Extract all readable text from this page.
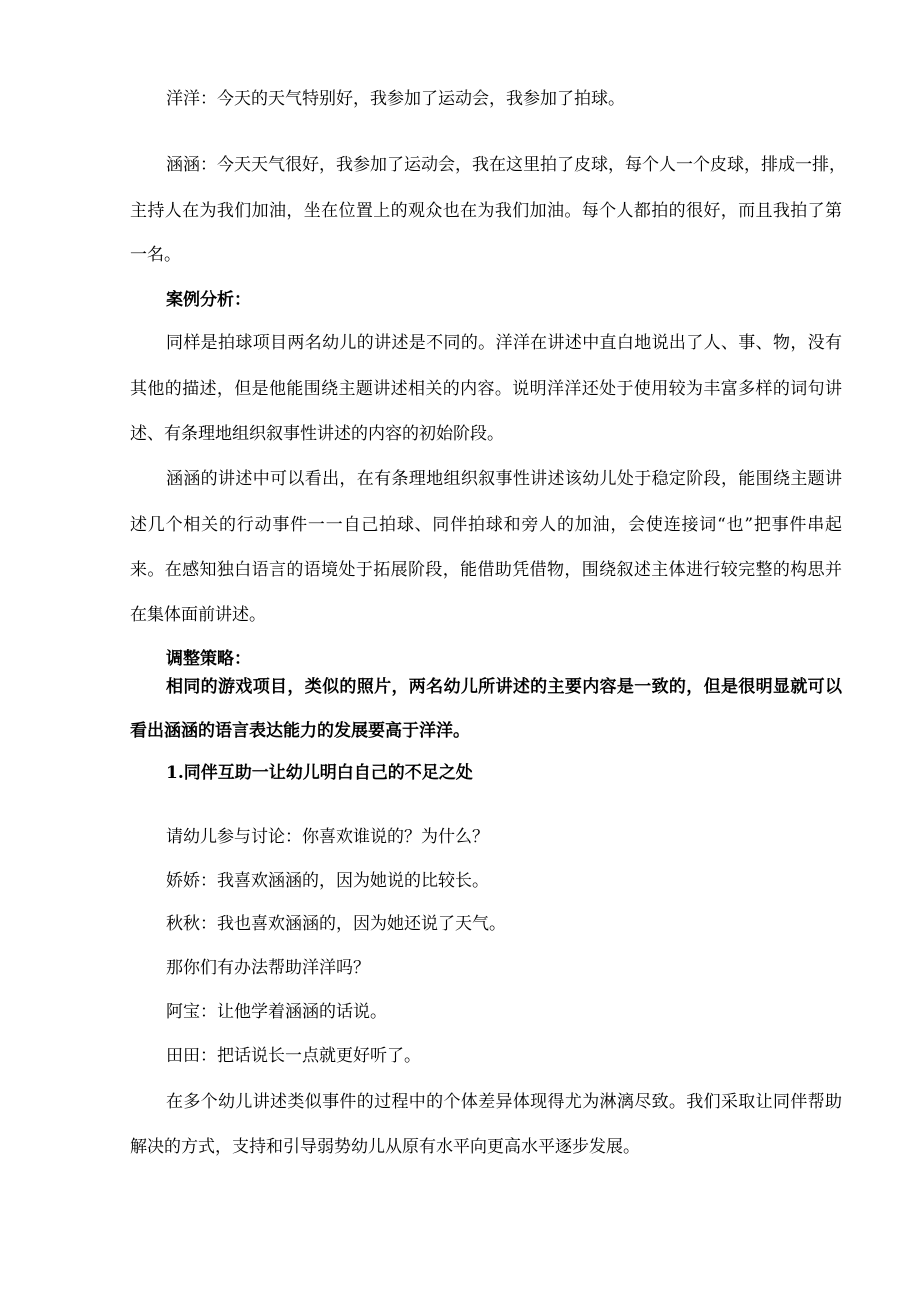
洋洋：今天的天气特别好，我参加了运动会，我参加了拍球。
涵涵：今天天气很好，我参加了运动会，我在这里拍了皮球，每个人一个皮球，排成一排，
主持人在为我们加油，坐在位置上的观众也在为我们加油。每个人都拍的很好，而且我拍了第
一名。
案例分析：
同样是拍球项目两名幼儿的讲述是不同的。洋洋在讲述中直白地说出了人、事、物，没有
其他的描述，但是他能围绕主题讲述相关的内容。说明洋洋还处于使用较为丰富多样的词句讲
述、有条理地组织叙事性讲述的内容的初始阶段。
涵涵的讲述中可以看出，在有条理地组织叙事性讲述该幼儿处于稳定阶段，能围绕主题讲
述几个相关的行动事件一一自己拍球、同伴拍球和旁人的加油，会使连接词“也”把事件串起
来。在感知独白语言的语境处于拓展阶段，能借助凭借物，围绕叙述主体进行较完整的构思并
在集体面前讲述。
调整策略：
相同的游戏项目，类似的照片，两名幼儿所讲述的主要内容是一致的，但是很明显就可以
看出涵涵的语言表达能力的发展要高于洋洋。
1.同伴互助一让幼儿明白自己的不足之处
请幼儿参与讨论：你喜欢谁说的？为什么？
娇娇：我喜欢涵涵的，因为她说的比较长。
秋秋：我也喜欢涵涵的，因为她还说了天气。
那你们有办法帮助洋洋吗？
阿宝：让他学着涵涵的话说。
田田：把话说长一点就更好听了。
在多个幼儿讲述类似事件的过程中的个体差异体现得尤为淋漓尽致。我们采取让同伴帮助
解决的方式，支持和引导弱势幼儿从原有水平向更高水平逐步发展。
